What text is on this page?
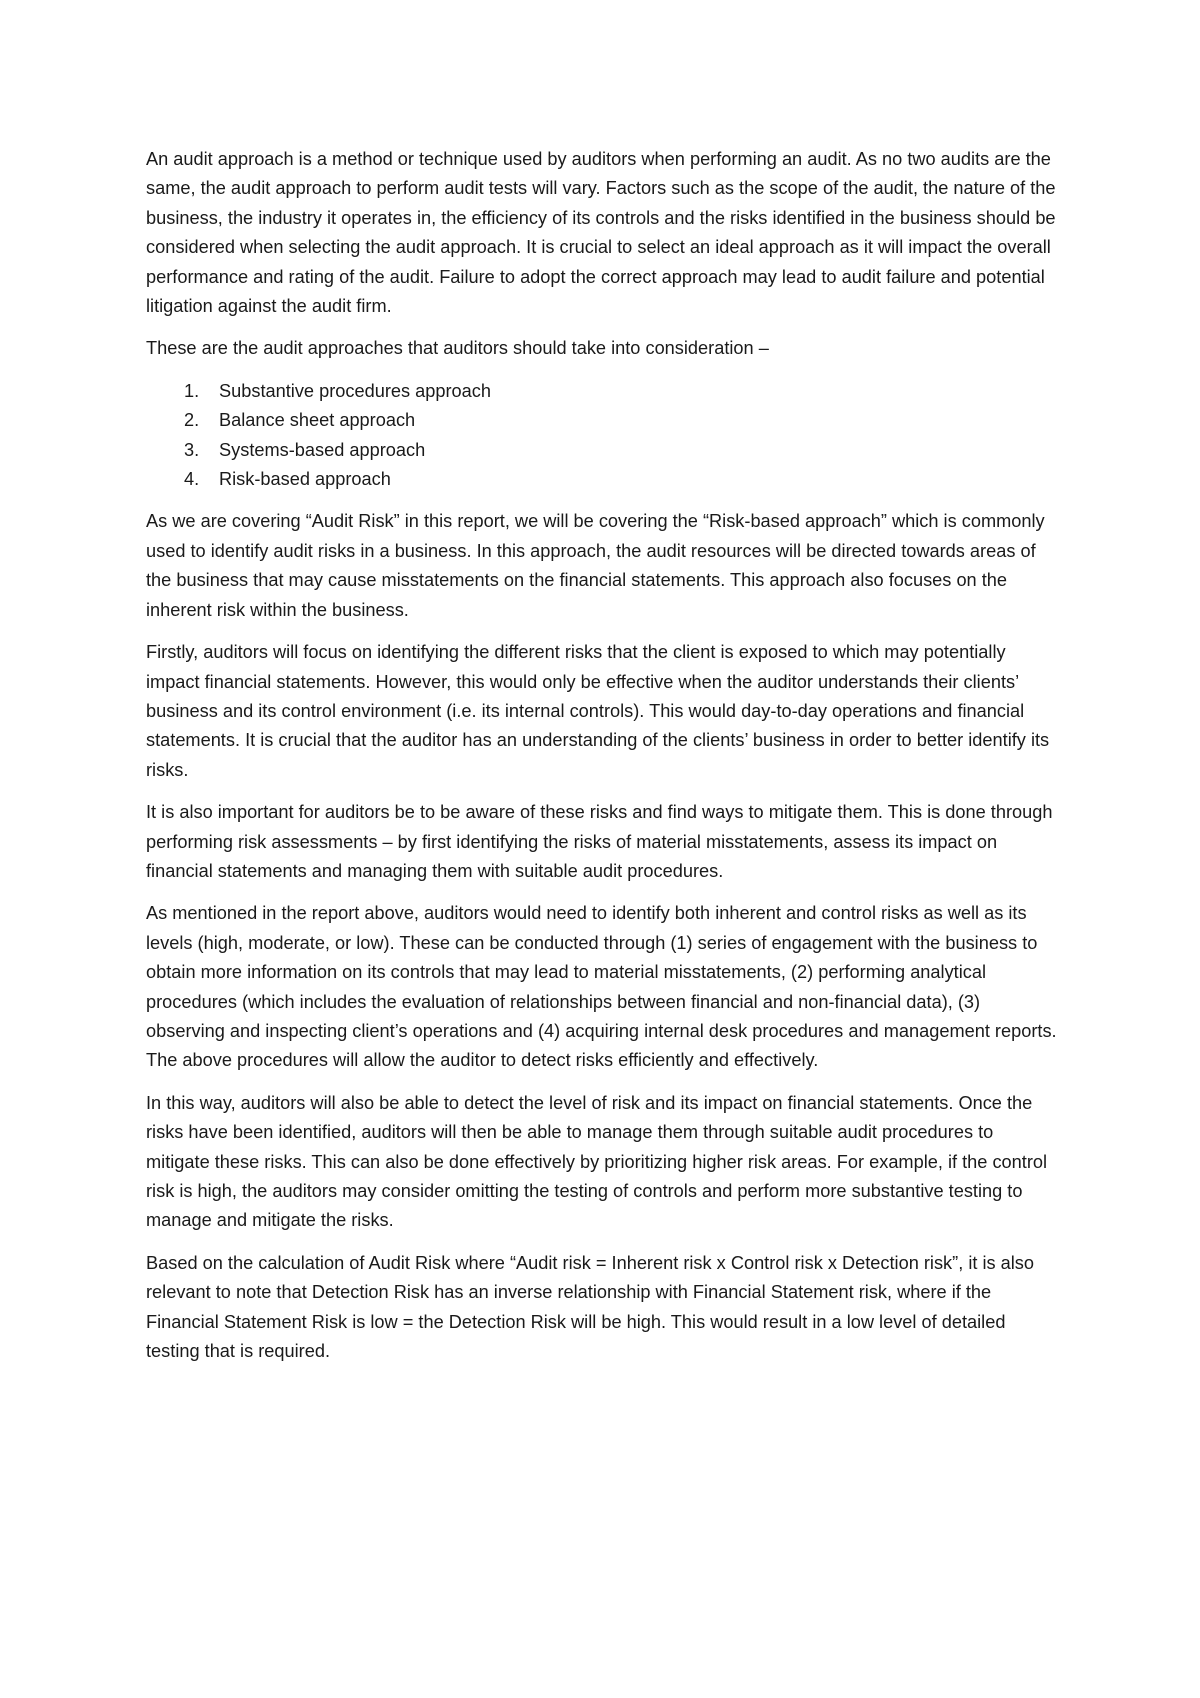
An audit approach is a method or technique used by auditors when performing an audit. As no two audits are the same, the audit approach to perform audit tests will vary. Factors such as the scope of the audit, the nature of the business, the industry it operates in, the efficiency of its controls and the risks identified in the business should be considered when selecting the audit approach. It is crucial to select an ideal approach as it will impact the overall performance and rating of the audit. Failure to adopt the correct approach may lead to audit failure and potential litigation against the audit firm.

These are the audit approaches that auditors should take into consideration –

1. Substantive procedures approach
2. Balance sheet approach
3. Systems-based approach
4. Risk-based approach

As we are covering “Audit Risk” in this report, we will be covering the “Risk-based approach” which is commonly used to identify audit risks in a business. In this approach, the audit resources will be directed towards areas of the business that may cause misstatements on the financial statements. This approach also focuses on the inherent risk within the business.

Firstly, auditors will focus on identifying the different risks that the client is exposed to which may potentially impact financial statements. However, this would only be effective when the auditor understands their clients’ business and its control environment (i.e. its internal controls). This would day-to-day operations and financial statements. It is crucial that the auditor has an understanding of the clients’ business in order to better identify its risks.

It is also important for auditors be to be aware of these risks and find ways to mitigate them. This is done through performing risk assessments – by first identifying the risks of material misstatements, assess its impact on financial statements and managing them with suitable audit procedures.

As mentioned in the report above, auditors would need to identify both inherent and control risks as well as its levels (high, moderate, or low). These can be conducted through (1) series of engagement with the business to obtain more information on its controls that may lead to material misstatements, (2) performing analytical procedures (which includes the evaluation of relationships between financial and non-financial data), (3) observing and inspecting client’s operations and (4) acquiring internal desk procedures and management reports. The above procedures will allow the auditor to detect risks efficiently and effectively.

In this way, auditors will also be able to detect the level of risk and its impact on financial statements. Once the risks have been identified, auditors will then be able to manage them through suitable audit procedures to mitigate these risks. This can also be done effectively by prioritizing higher risk areas. For example, if the control risk is high, the auditors may consider omitting the testing of controls and perform more substantive testing to manage and mitigate the risks.

Based on the calculation of Audit Risk where “Audit risk = Inherent risk x Control risk x Detection risk”, it is also relevant to note that Detection Risk has an inverse relationship with Financial Statement risk, where if the Financial Statement Risk is low = the Detection Risk will be high. This would result in a low level of detailed testing that is required.
